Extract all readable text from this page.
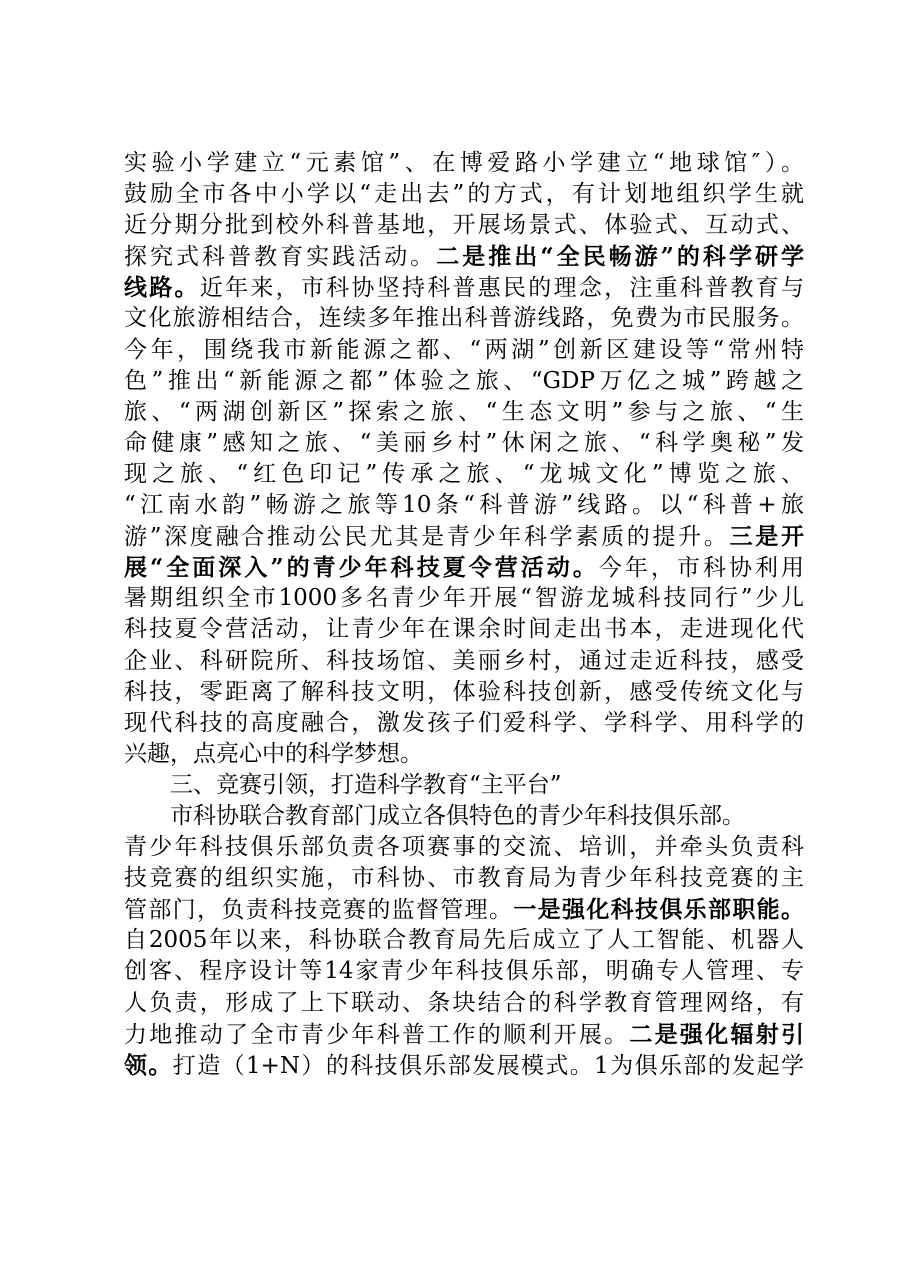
实验小学建立“元素馆”、在博爱路小学建立“地球馆″）。
鼓励全市各中小学以“走出去”的方式，有计划地组织学生就
近分期分批到校外科普基地，开展场景式、体验式、互动式、
探究式科普教育实践活动。二是推出“全民畅游”的科学研学
线路。近年来，市科协坚持科普惠民的理念，注重科普教育与
文化旅游相结合，连续多年推出科普游线路，免费为市民服务。
今年，围绕我市新能源之都、“两湖”创新区建设等“常州特
色”推出“新能源之都”体验之旅、“GDP万亿之城”跨越之
旅、“两湖创新区”探索之旅、“生态文明”参与之旅、“生
命健康”感知之旅、“美丽乡村”休闲之旅、“科学奥秘”发
现之旅、“红色印记”传承之旅、“龙城文化”博览之旅、
“江南水韵”畅游之旅等10条“科普游”线路。以“科普+旅
游”深度融合推动公民尤其是青少年科学素质的提升。三是开
展“全面深入”的青少年科技夏令营活动。今年，市科协利用
暑期组织全市1000多名青少年开展“智游龙城科技同行”少儿
科技夏令营活动，让青少年在课余时间走出书本，走进现化代
企业、科研院所、科技场馆、美丽乡村，通过走近科技，感受
科技，零距离了解科技文明，体验科技创新，感受传统文化与
现代科技的高度融合，激发孩子们爱科学、学科学、用科学的
兴趣，点亮心中的科学梦想。
三、竞赛引领，打造科学教育“主平台”
市科协联合教育部门成立各俱特色的青少年科技俱乐部。
青少年科技俱乐部负责各项赛事的交流、培训，并牵头负责科
技竞赛的组织实施，市科协、市教育局为青少年科技竞赛的主
管部门，负责科技竞赛的监督管理。一是强化科技俱乐部职能。
自2005年以来，科协联合教育局先后成立了人工智能、机器人
创客、程序设计等14家青少年科技俱乐部，明确专人管理、专
人负责，形成了上下联动、条块结合的科学教育管理网络，有
力地推动了全市青少年科普工作的顺利开展。二是强化辐射引
领。打造（1+N）的科技俱乐部发展模式。1为俱乐部的发起学
